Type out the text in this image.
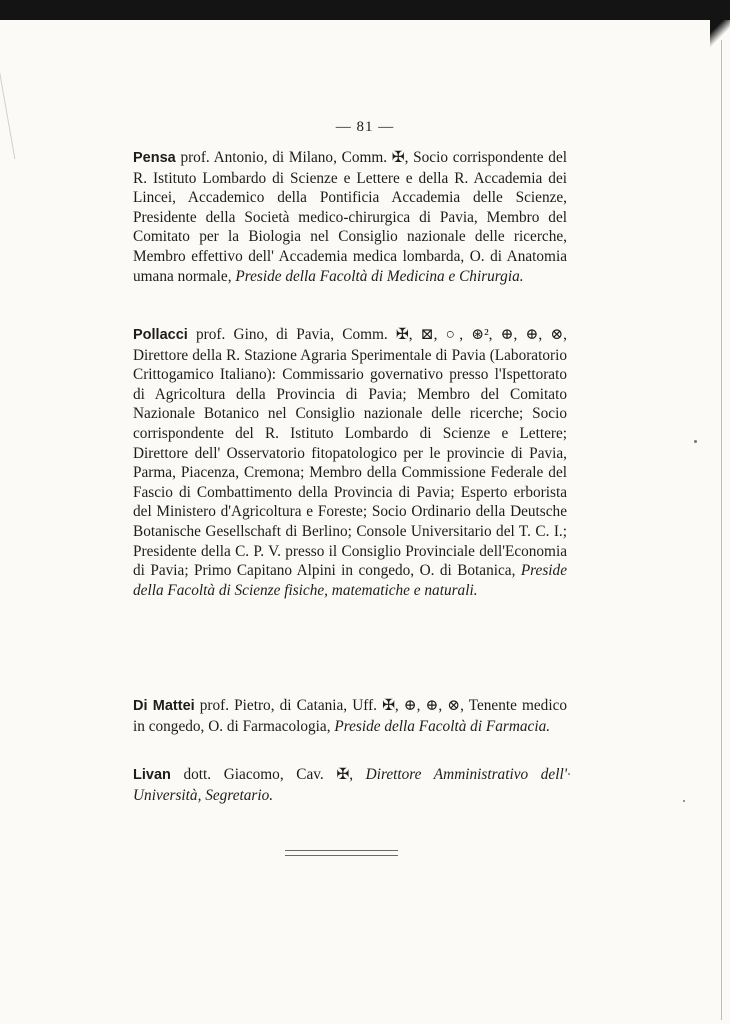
— 81 —
Pensa prof. Antonio, di Milano, Comm. ✠, Socio corrispondente del R. Istituto Lombardo di Scienze e Lettere e della R. Accademia dei Lincei, Accademico della Pontificia Accademia delle Scienze, Presidente della Società medico-chirurgica di Pavia, Membro del Comitato per la Biologia nel Consiglio nazionale delle ricerche, Membro effettivo dell' Accademia medica lombarda, O. di Anatomia umana normale, Preside della Facoltà di Medicina e Chirurgia.
Pollacci prof. Gino, di Pavia, Comm. ✠, ⊠, ○, ⊛², ⊕, ⊕, ⊗, Direttore della R. Stazione Agraria Sperimentale di Pavia (Laboratorio Crittogamico Italiano): Commissario governativo presso l'Ispettorato di Agricoltura della Provincia di Pavia; Membro del Comitato Nazionale Botanico nel Consiglio nazionale delle ricerche; Socio corrispondente del R. Istituto Lombardo di Scienze e Lettere; Direttore dell' Osservatorio fitopatologico per le provincie di Pavia, Parma, Piacenza, Cremona; Membro della Commissione Federale del Fascio di Combattimento della Provincia di Pavia; Esperto erborista del Ministero d'Agricoltura e Foreste; Socio Ordinario della Deutsche Botanische Gesellschaft di Berlino; Console Universitario del T. C. I.; Presidente della C. P. V. presso il Consiglio Provinciale dell'Economia di Pavia; Primo Capitano Alpini in congedo, O. di Botanica, Preside della Facoltà di Scienze fisiche, matematiche e naturali.
Di Mattei prof. Pietro, di Catania, Uff. ✠, ⊕, ⊕, ⊗, Tenente medico in congedo, O. di Farmacologia, Preside della Facoltà di Farmacia.
Livan dott. Giacomo, Cav. ✠, Direttore Amministrativo dell' Università, Segretario.
